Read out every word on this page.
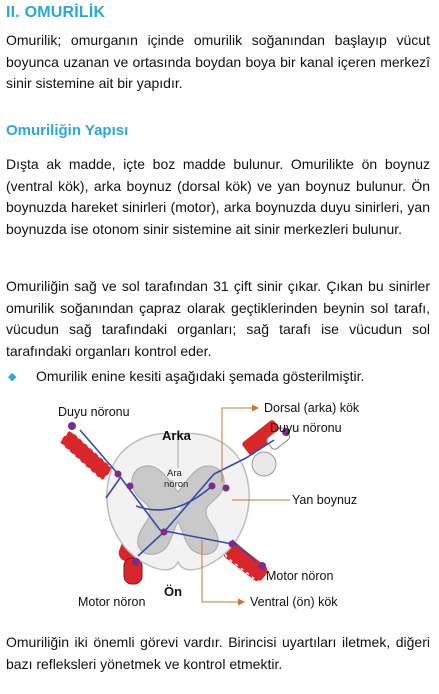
II. OMURİLİK

Omurilik; omurganın içinde omurilik soğanından başlayıp vücut boyunca uzanan ve ortasında boydan boya bir kanal içeren merkezî sinir sistemine ait bir yapıdır.

Omuriliğin Yapısı

Dışta ak madde, içte boz madde bulunur. Omurilikte ön boynuz (ventral kök), arka boynuz (dorsal kök) ve yan boynuz bulunur. Ön boynuzda hareket sinirleri (motor), arka boynuzda duyu sinirleri, yan boynuzda ise otonom sinir sistemine ait sinir merkezleri bulunur.

Omuriliğin sağ ve sol tarafından 31 çift sinir çıkar. Çıkan bu sinirler omurilik soğanından çapraz olarak geçtiklerinden beynin sol tarafı, vücudun sağ tarafındaki organları; sağ tarafı ise vücudun sol tarafındaki organları kontrol eder.

◆ Omurilik enine kesiti aşağıdaki şemada gösterilmiştir.
Duyu nöronu
Arka
Dorsal (arka) kök
Duyu nöronu
Ara
nöron
Yan boynuz
Motor nöron
Motor nöron
Ön
Ventral (ön) kök

Omuriliğin iki önemli görevi vardır. Birincisi uyartıları iletmek, diğeri bazı refleksleri yönetmek ve kontrol etmektir.
